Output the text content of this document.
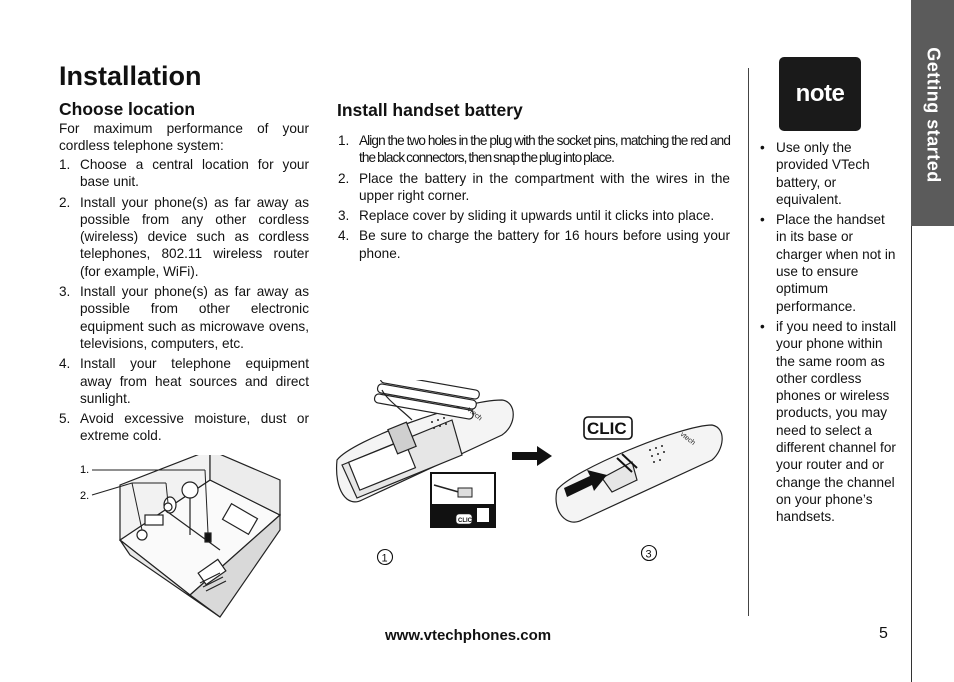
Installation
Choose location
For maximum performance of your cordless telephone system:
1. Choose a central location for your base unit.
2. Install your phone(s) as far away as possible from any other cordless (wireless) device such as cordless telephones, 802.11 wireless router (for example, WiFi).
3. Install your phone(s) as far away as possible from other electronic equipment such as microwave ovens, televisions, computers, etc.
4. Install your telephone equipment away from heat sources and direct sunlight.
5. Avoid excessive moisture, dust or extreme cold.
1.
2.
Install handset battery
1. Align the two holes in the plug with the socket pins, matching the red and the black connectors, then snap the plug into place.
2. Place the battery in the compartment with the wires in the upper right corner.
3. Replace cover by sliding it upwards until it clicks into place.
4. Be sure to charge the battery for 16 hours before using your phone.
vtech
CLIC
vtech
CLIC
1	3
note
• Use only the provided VTech battery, or equivalent.
• Place the handset in its base or charger when not in use to ensure optimum performance.
• if you need to install your phone within the same room as other cordless phones or wireless products, you may need to select a different channel for your router and or change the channel on your phone’s handsets.
Getting started
www.vtechphones.com	5
